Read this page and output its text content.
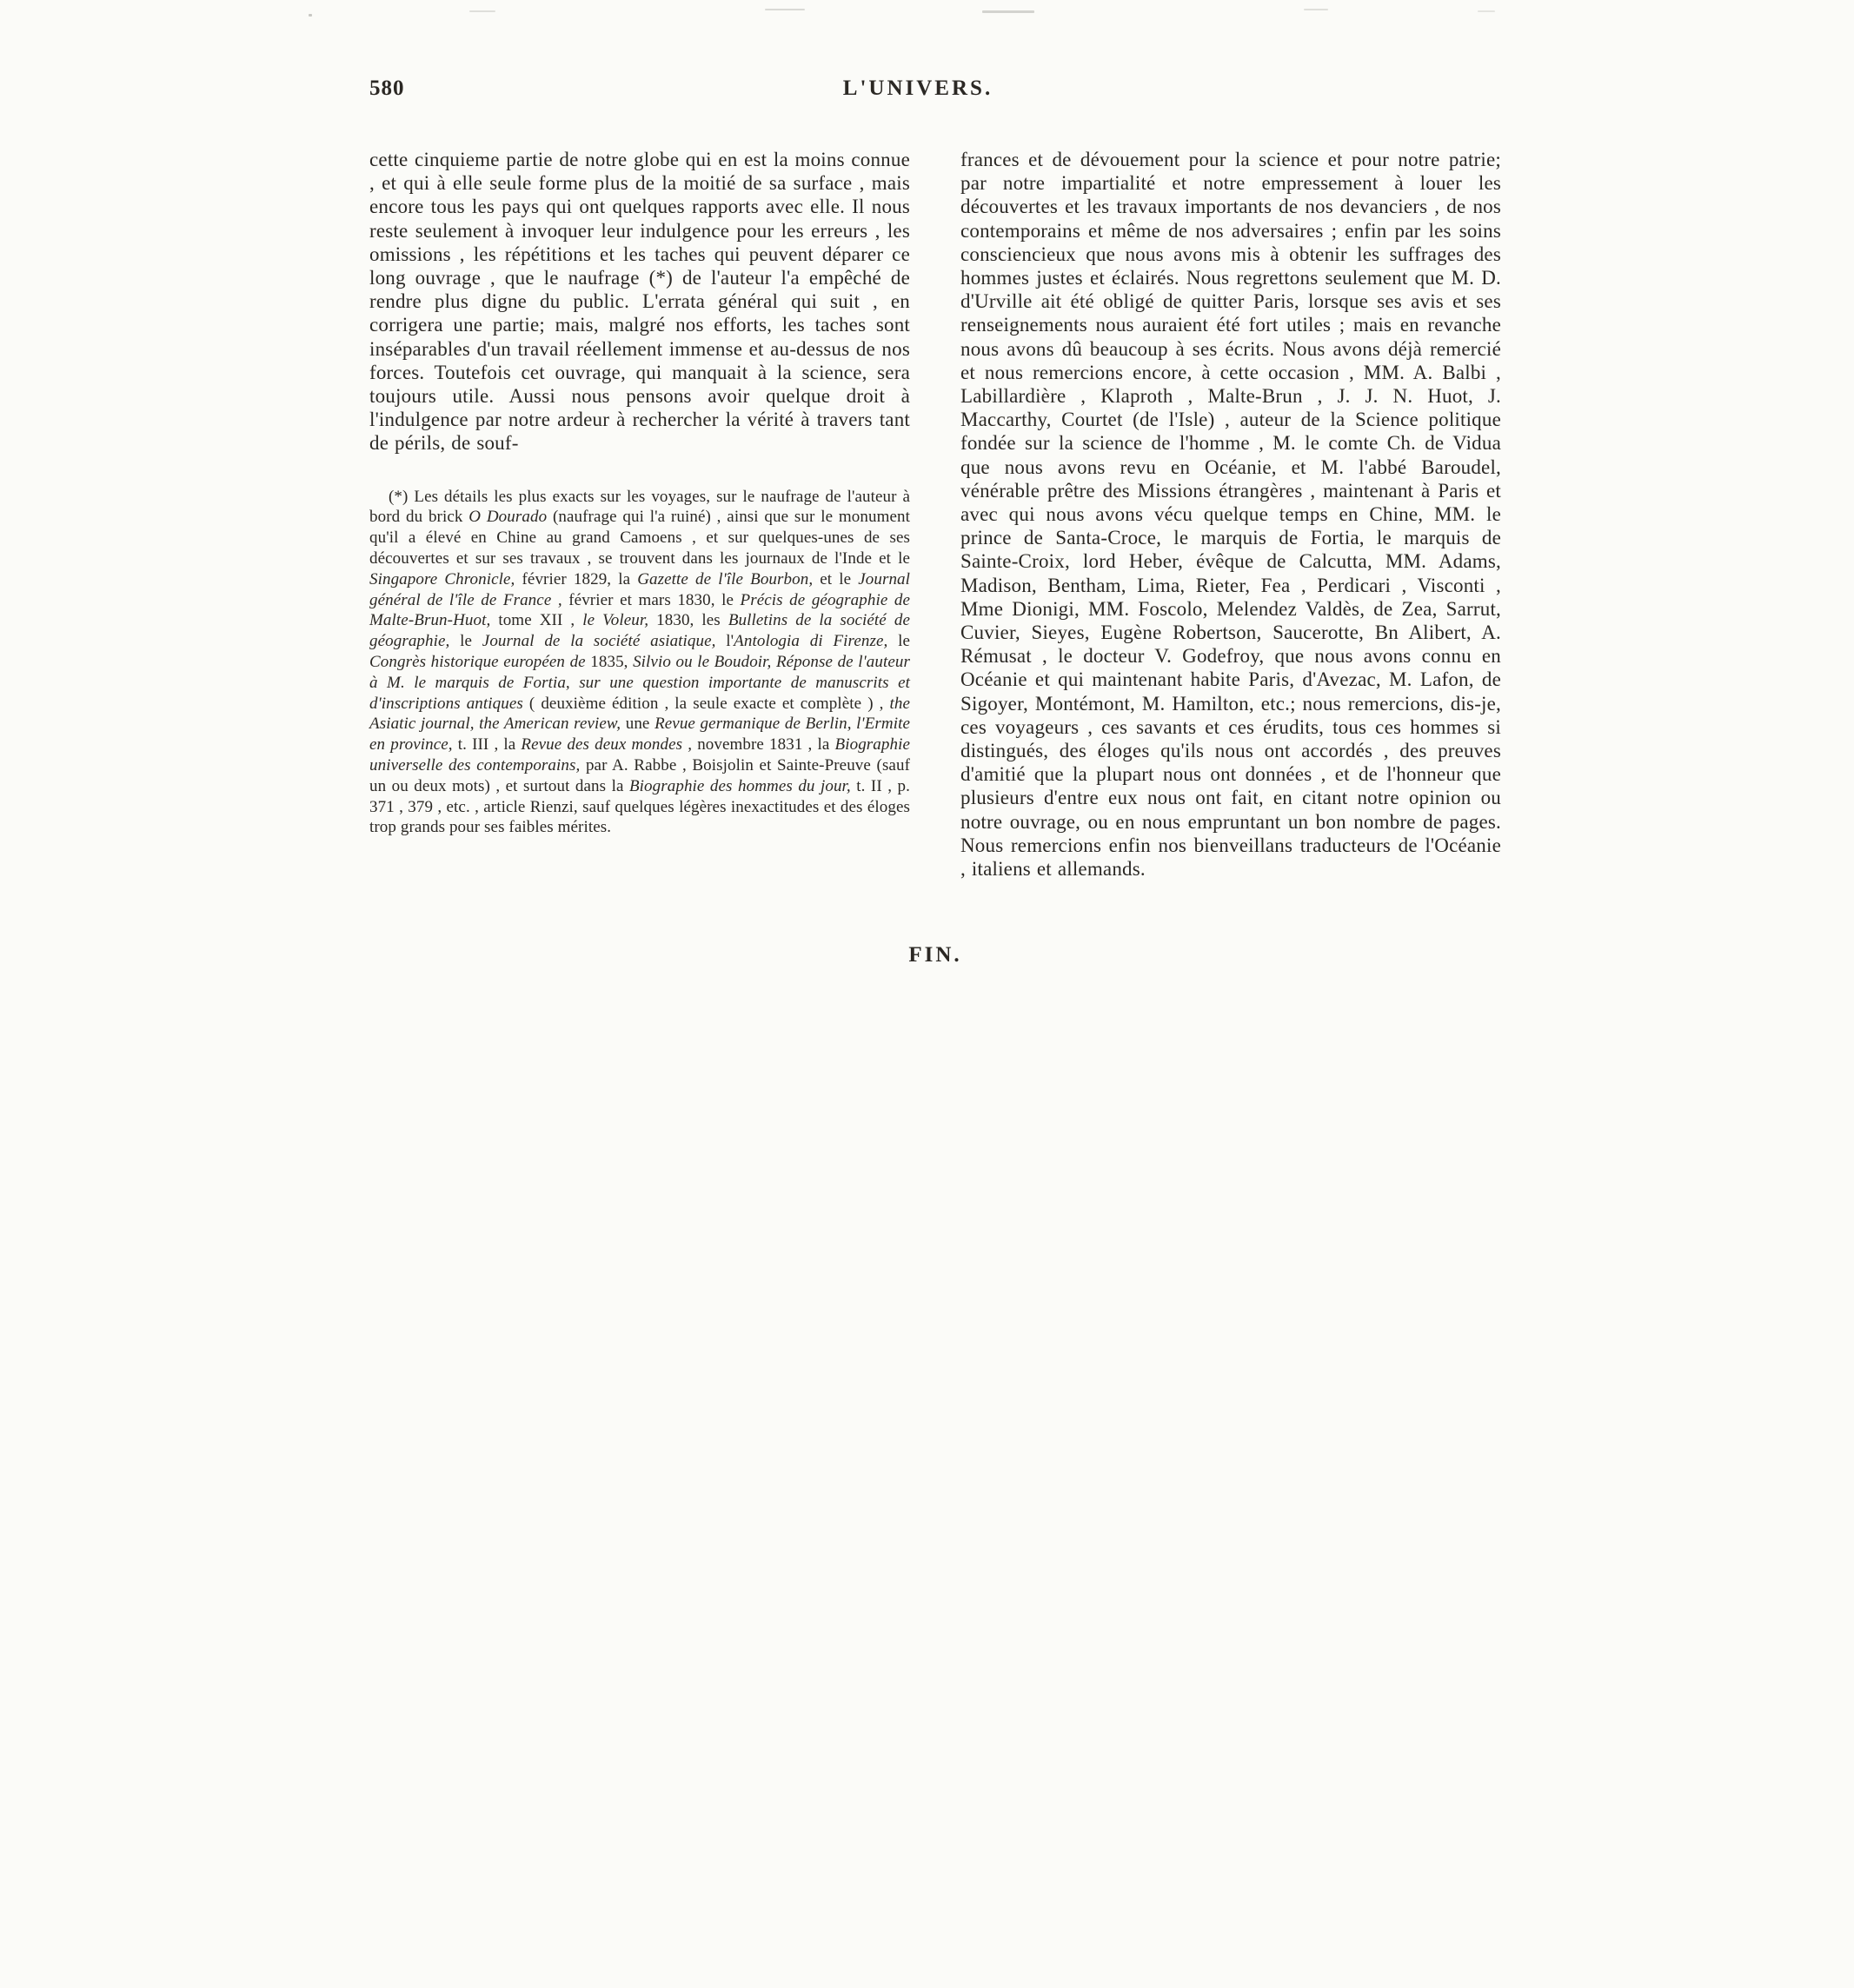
580	L'UNIVERS.

cette cinquieme partie de notre globe qui en est la moins connue , et qui à elle seule forme plus de la moitié de sa surface , mais encore tous les pays qui ont quelques rapports avec elle. Il nous reste seulement à invoquer leur indulgence pour les erreurs , les omissions , les répétitions et les taches qui peuvent déparer ce long ouvrage , que le naufrage (*) de l'auteur l'a empêché de rendre plus digne du public. L'errata général qui suit , en corrigera une partie; mais, malgré nos efforts, les taches sont inséparables d'un travail réellement immense et au-dessus de nos forces. Toutefois cet ouvrage, qui manquait à la science, sera toujours utile. Aussi nous pensons avoir quelque droit à l'indulgence par notre ardeur à rechercher la vérité à travers tant de périls, de souf-

(*) Les détails les plus exacts sur les voyages, sur le naufrage de l'auteur à bord du brick O Dourado (naufrage qui l'a ruiné) , ainsi que sur le monument qu'il a élevé en Chine au grand Camoens , et sur quelques-unes de ses découvertes et sur ses travaux , se trouvent dans les journaux de l'Inde et le Singapore Chronicle, février 1829, la Gazette de l'île Bourbon, et le Journal général de l'île de France , février et mars 1830, le Précis de géographie de Malte-Brun-Huot, tome XII , le Voleur, 1830, les Bulletins de la société de géographie, le Journal de la société asiatique, l'Antologia di Firenze, le Congrès historique européen de 1835, Silvio ou le Boudoir, Réponse de l'auteur à M. le marquis de Fortia, sur une question importante de manuscrits et d'inscriptions antiques ( deuxième édition , la seule exacte et complète ) , the Asiatic journal, the American review, une Revue germanique de Berlin, l'Ermite en province, t. III , la Revue des deux mondes , novembre 1831 , la Biographie universelle des contemporains, par A. Rabbe , Boisjolin et Sainte-Preuve (sauf un ou deux mots) , et surtout dans la Biographie des hommes du jour, t. II , p. 371 , 379 , etc. , article Rienzi, sauf quelques légères inexactitudes et des éloges trop grands pour ses faibles mérites.

frances et de dévouement pour la science et pour notre patrie; par notre impartialité et notre empressement à louer les découvertes et les travaux importants de nos devanciers , de nos contemporains et même de nos adversaires ; enfin par les soins consciencieux que nous avons mis à obtenir les suffrages des hommes justes et éclairés. Nous regrettons seulement que M. D. d'Urville ait été obligé de quitter Paris, lorsque ses avis et ses renseignements nous auraient été fort utiles ; mais en revanche nous avons dû beaucoup à ses écrits. Nous avons déjà remercié et nous remercions encore, à cette occasion , MM. A. Balbi , Labillardière , Klaproth , Malte-Brun , J. J. N. Huot, J. Maccarthy, Courtet (de l'Isle) , auteur de la Science politique fondée sur la science de l'homme , M. le comte Ch. de Vidua que nous avons revu en Océanie, et M. l'abbé Baroudel, vénérable prêtre des Missions étrangères , maintenant à Paris et avec qui nous avons vécu quelque temps en Chine, MM. le prince de Santa-Croce, le marquis de Fortia, le marquis de Sainte-Croix, lord Heber, évêque de Calcutta, MM. Adams, Madison, Bentham, Lima, Rieter, Fea , Perdicari , Visconti , Mme Dionigi, MM. Foscolo, Melendez Valdès, de Zea, Sarrut, Cuvier, Sieyes, Eugène Robertson, Saucerotte, Bn Alibert, A. Rémusat , le docteur V. Godefroy, que nous avons connu en Océanie et qui maintenant habite Paris, d'Avezac, M. Lafon, de Sigoyer, Montémont, M. Hamilton, etc.; nous remercions, dis-je, ces voyageurs , ces savants et ces érudits, tous ces hommes si distingués, des éloges qu'ils nous ont accordés , des preuves d'amitié que la plupart nous ont données , et de l'honneur que plusieurs d'entre eux nous ont fait, en citant notre opinion ou notre ouvrage, ou en nous empruntant un bon nombre de pages. Nous remercions enfin nos bienveillans traducteurs de l'Océanie , italiens et allemands.

FIN.
